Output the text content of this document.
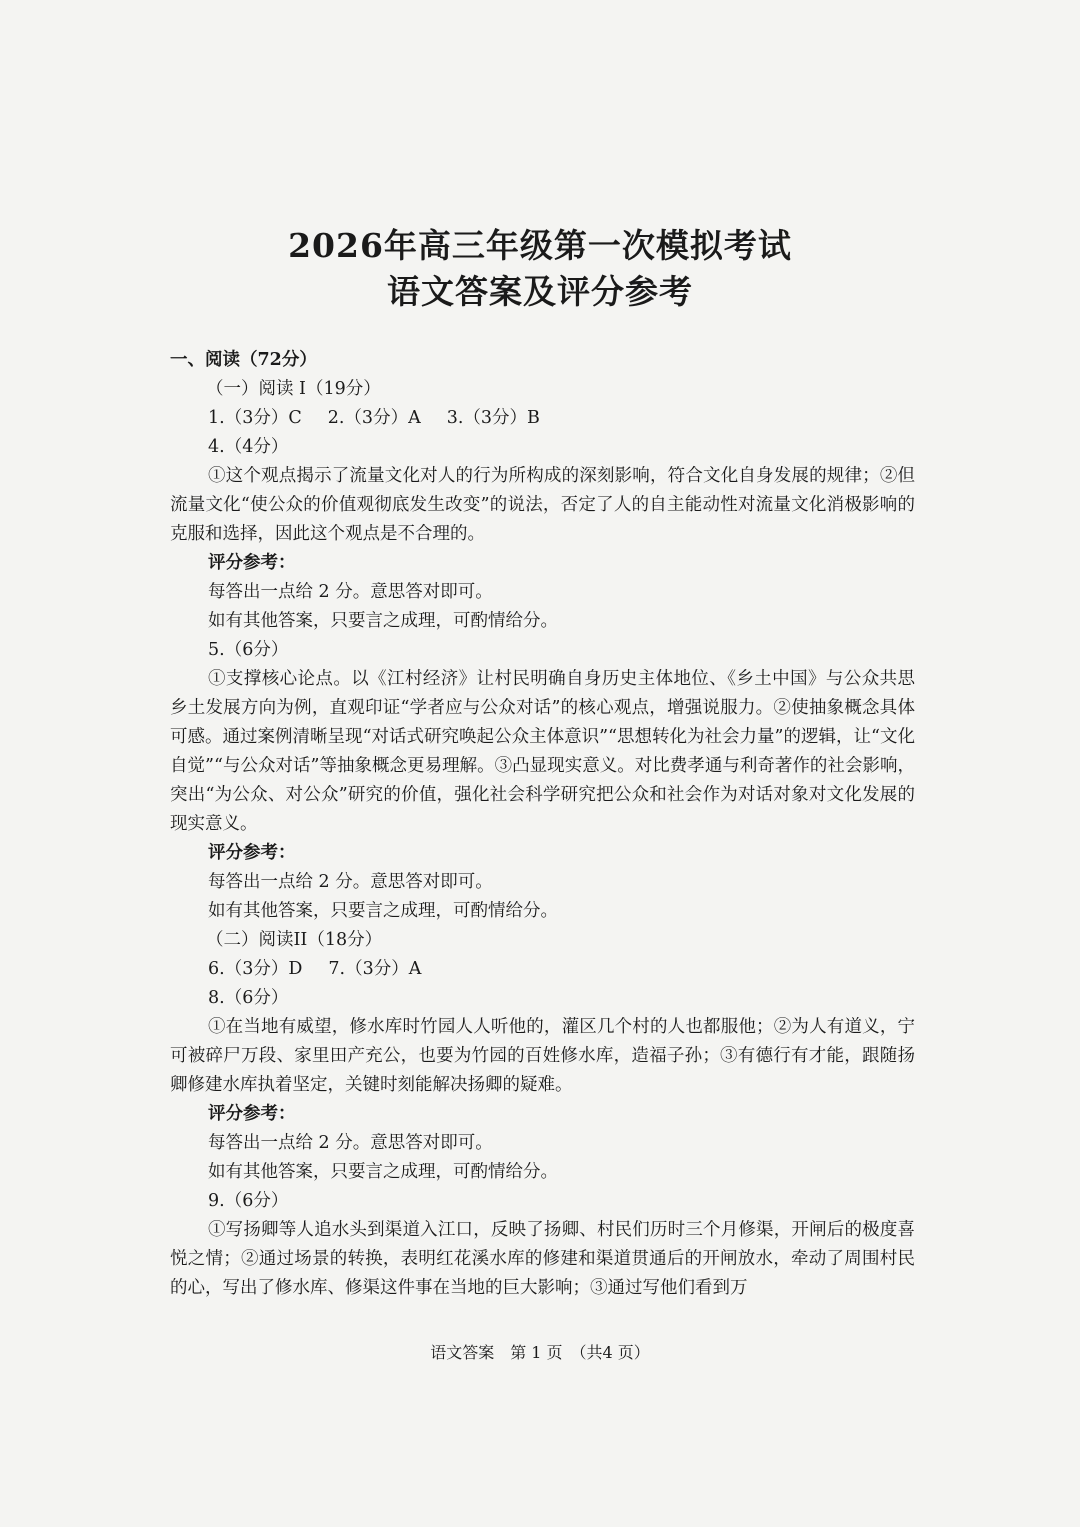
2026年高三年级第一次模拟考试
语文答案及评分参考
一、阅读（72分）
（一）阅读 I（19分）
1.（3分）C 2.（3分）A 3.（3分）B
4.（4分）
①这个观点揭示了流量文化对人的行为所构成的深刻影响，符合文化自身发展的规律；②但流量文化“使公众的价值观彻底发生改变”的说法，否定了人的自主能动性对流量文化消极影响的克服和选择，因此这个观点是不合理的。
评分参考：
每答出一点给 2 分。意思答对即可。
如有其他答案，只要言之成理，可酌情给分。
5.（6分）
①支撑核心论点。以《江村经济》让村民明确自身历史主体地位、《乡土中国》与公众共思乡土发展方向为例，直观印证“学者应与公众对话”的核心观点，增强说服力。②使抽象概念具体可感。通过案例清晰呈现“对话式研究唤起公众主体意识”“思想转化为社会力量”的逻辑，让“文化自觉”“与公众对话”等抽象概念更易理解。③凸显现实意义。对比费孝通与利奇著作的社会影响，突出“为公众、对公众”研究的价值，强化社会科学研究把公众和社会作为对话对象对文化发展的现实意义。
评分参考：
每答出一点给 2 分。意思答对即可。
如有其他答案，只要言之成理，可酌情给分。
（二）阅读II（18分）
6.（3分）D 7.（3分）A
8.（6分）
①在当地有威望，修水库时竹园人人听他的，灌区几个村的人也都服他；②为人有道义，宁可被碎尸万段、家里田产充公，也要为竹园的百姓修水库，造福子孙；③有德行有才能，跟随扬卿修建水库执着坚定，关键时刻能解决扬卿的疑难。
评分参考：
每答出一点给 2 分。意思答对即可。
如有其他答案，只要言之成理，可酌情给分。
9.（6分）
①写扬卿等人追水头到渠道入江口，反映了扬卿、村民们历时三个月修渠，开闸后的极度喜悦之情；②通过场景的转换，表明红花溪水库的修建和渠道贯通后的开闸放水，牵动了周围村民的心，写出了修水库、修渠这件事在当地的巨大影响；③通过写他们看到万
语文答案　第 1 页　（共4 页）
